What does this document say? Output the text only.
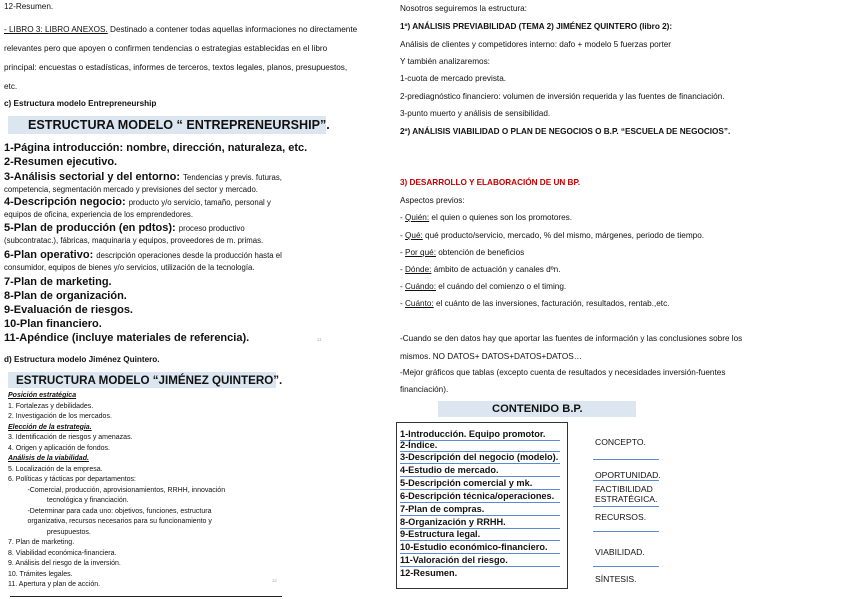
12-Resumen.
- LIBRO 3: LIBRO ANEXOS. Destinado a contener todas aquellas informaciones no directamente
relevantes pero que apoyen o confirmen tendencias o estrategias establecidas en el libro
principal: encuestas o estadísticas, informes de terceros, textos legales, planos, presupuestos,
etc.
c) Estructura modelo Entrepreneurship
ESTRUCTURA MODELO “ ENTREPRENEURSHIP”.
1-Página introducción: nombre, dirección, naturaleza, etc.
2-Resumen ejecutivo.
3-Análisis sectorial y del entorno: Tendencias y previs. futuras,
competencia, segmentación mercado y previsiones del sector y mercado.
4-Descripción negocio: producto y/o servicio, tamaño, personal y
equipos de oficina, experiencia de los emprendedores.
5-Plan de producción (en pdtos): proceso productivo
(subcontratac.), fábricas, maquinaria y equipos, proveedores de m. primas.
6-Plan operativo: descripción operaciones desde la producción hasta el
consumidor, equipos de bienes y/o servicios, utilización de la tecnología.
7-Plan de marketing.
8-Plan de organización.
9-Evaluación de riesgos.
10-Plan financiero.
11-Apéndice (incluye materiales de referencia).
d) Estructura modelo Jiménez Quintero.
ESTRUCTURA MODELO “JIMÉNEZ QUINTERO”.
Posición estratégica
1. Fortalezas y debilidades.
2. Investigación de los mercados.
Elección de la estrategia.
3. Identificación de riesgos y amenazas.
4. Origen y aplicación de fondos.
Análisis de la viabilidad.
5. Localización de la empresa.
6. Políticas y tácticas por departamentos:
-Comercial, producción, aprovisionamientos, RRHH, innovación
tecnológica y financiación.
-Determinar para cada uno: objetivos, funciones, estructura
organizativa, recursos necesarios para su funcionamiento y
presupuestos.
7. Plan de marketing.
8. Viabilidad económica-financiera.
9. Análisis del riesgo de la inversión.
10. Trámites legales.
11. Apertura y plan de acción.
¹¹
¹²
Nosotros seguiremos la estructura:
1º) ANÁLISIS PREVIABILIDAD (TEMA 2) JIMÉNEZ QUINTERO (libro 2):
Análisis de clientes y competidores interno: dafo + modelo 5 fuerzas porter
Y también analizaremos:
1-cuota de mercado prevista.
2-prediagnóstico financiero: volumen de inversión requerida y las fuentes de financiación.
3-punto muerto y análisis de sensibilidad.
2º) ANÁLISIS VIABILIDAD O PLAN DE NEGOCIOS O B.P. “ESCUELA DE NEGOCIOS”.
3) DESARROLLO Y ELABORACIÓN DE UN BP.
Aspectos previos:
- Quién: el quien o quienes son los promotores.
- Qué: qué producto/servicio, mercado, % del mismo, márgenes, periodo de tiempo.
- Por qué: obtención de beneficios
- Dónde: ámbito de actuación y canales dºn.
- Cuándo: el cuándo del comienzo o el timing.
- Cuánto: el cuánto de las inversiones, facturación, resultados, rentab.,etc.
-Cuando se den datos hay que aportar las fuentes de información y las conclusiones sobre los
mismos. NO DATOS+ DATOS+DATOS+DATOS…
-Mejor gráficos que tablas (excepto cuenta de resultados y necesidades inversión-fuentes
financiación).
CONTENIDO B.P.
1-Introducción. Equipo promotor.
2-Índice.
3-Descripción del negocio (modelo).
4-Estudio de mercado.
5-Descripción comercial y mk.
6-Descripción técnica/operaciones.
7-Plan de compras.
8-Organización y RRHH.
9-Estructura legal.
10-Estudio económico-financiero.
11-Valoración del riesgo.
12-Resumen.
CONCEPTO.
OPORTUNIDAD.
FACTIBILIDAD
ESTRATÉGICA.
RECURSOS.
VIABILIDAD.
SÍNTESIS.
